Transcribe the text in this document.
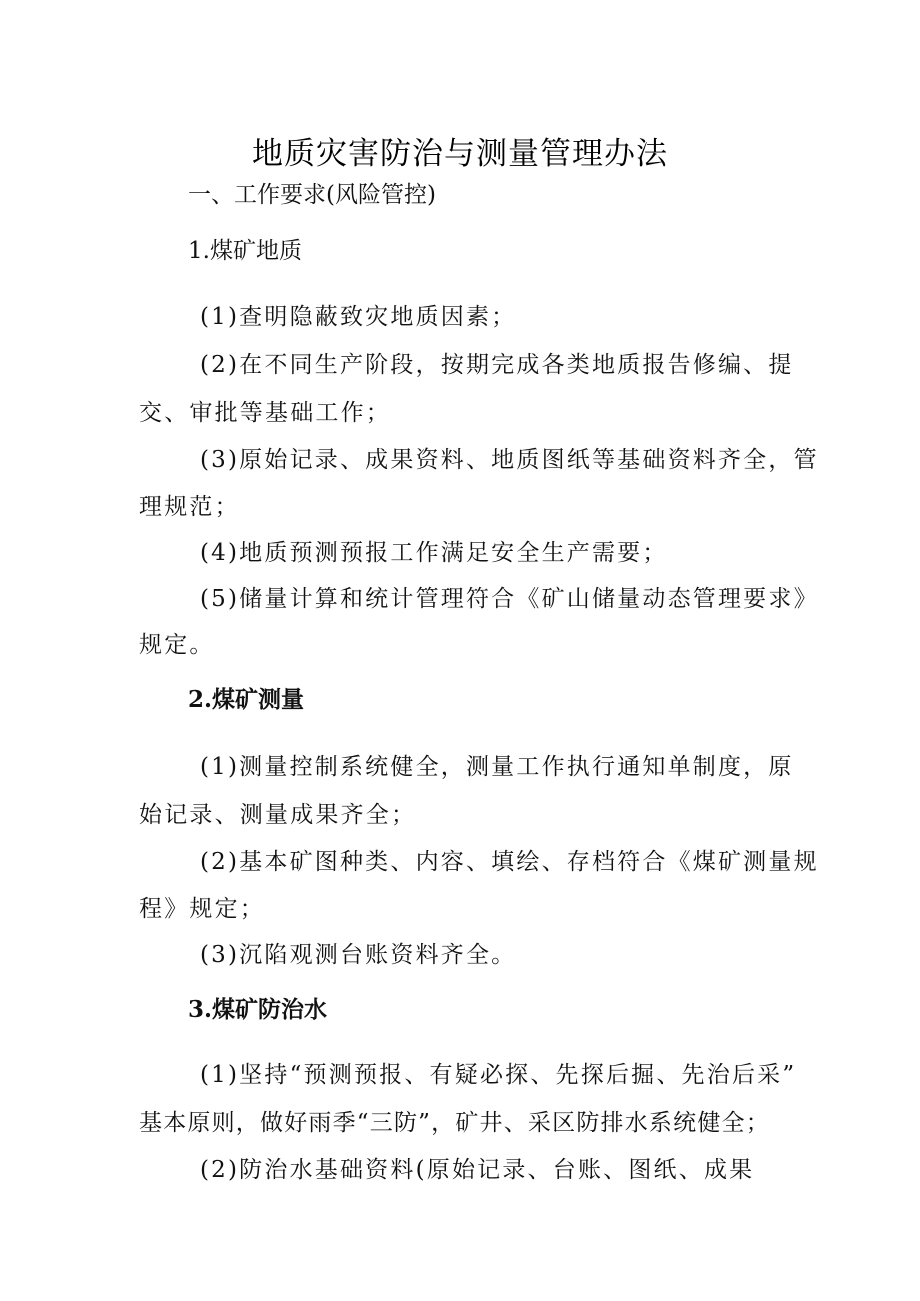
地质灾害防治与测量管理办法
一、工作要求(风险管控)
1.煤矿地质
(1)查明隐蔽致灾地质因素；
(2)在不同生产阶段，按期完成各类地质报告修编、提
交、审批等基础工作；
(3)原始记录、成果资料、地质图纸等基础资料齐全，管
理规范；
(4)地质预测预报工作满足安全生产需要；
(5)储量计算和统计管理符合《矿山储量动态管理要求》
规定。
2.煤矿测量
(1)测量控制系统健全，测量工作执行通知单制度，原
始记录、测量成果齐全；
(2)基本矿图种类、内容、填绘、存档符合《煤矿测量规
程》规定；
(3)沉陷观测台账资料齐全。
3.煤矿防治水
(1)坚持“预测预报、有疑必探、先探后掘、先治后采”
基本原则，做好雨季“三防”，矿井、采区防排水系统健全；
(2)防治水基础资料(原始记录、台账、图纸、成果
